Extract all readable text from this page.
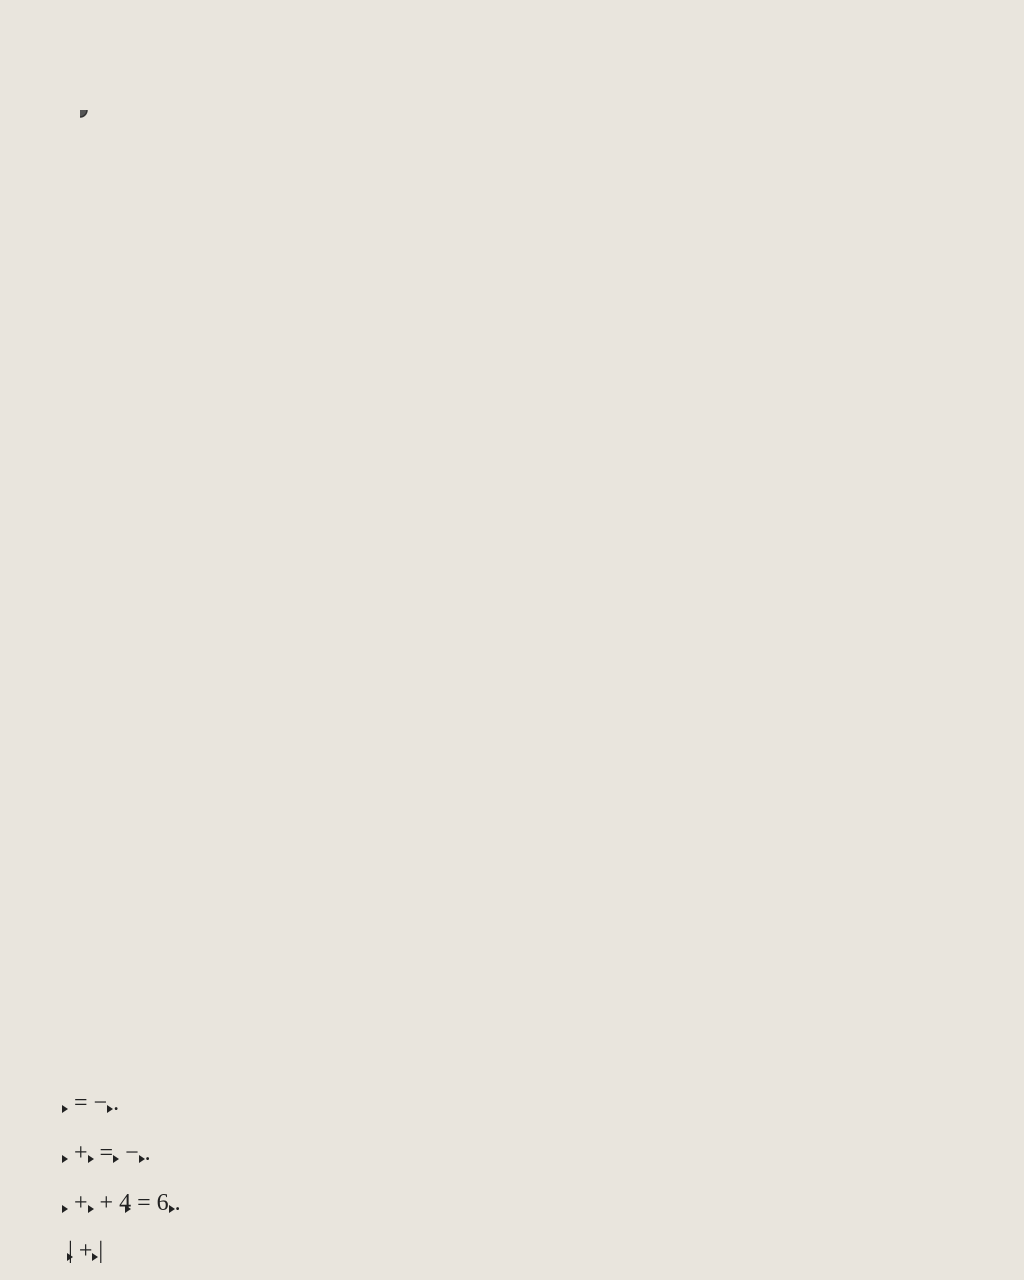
= − .
+  =  − .
+  + 4 = 6 .
| + |
